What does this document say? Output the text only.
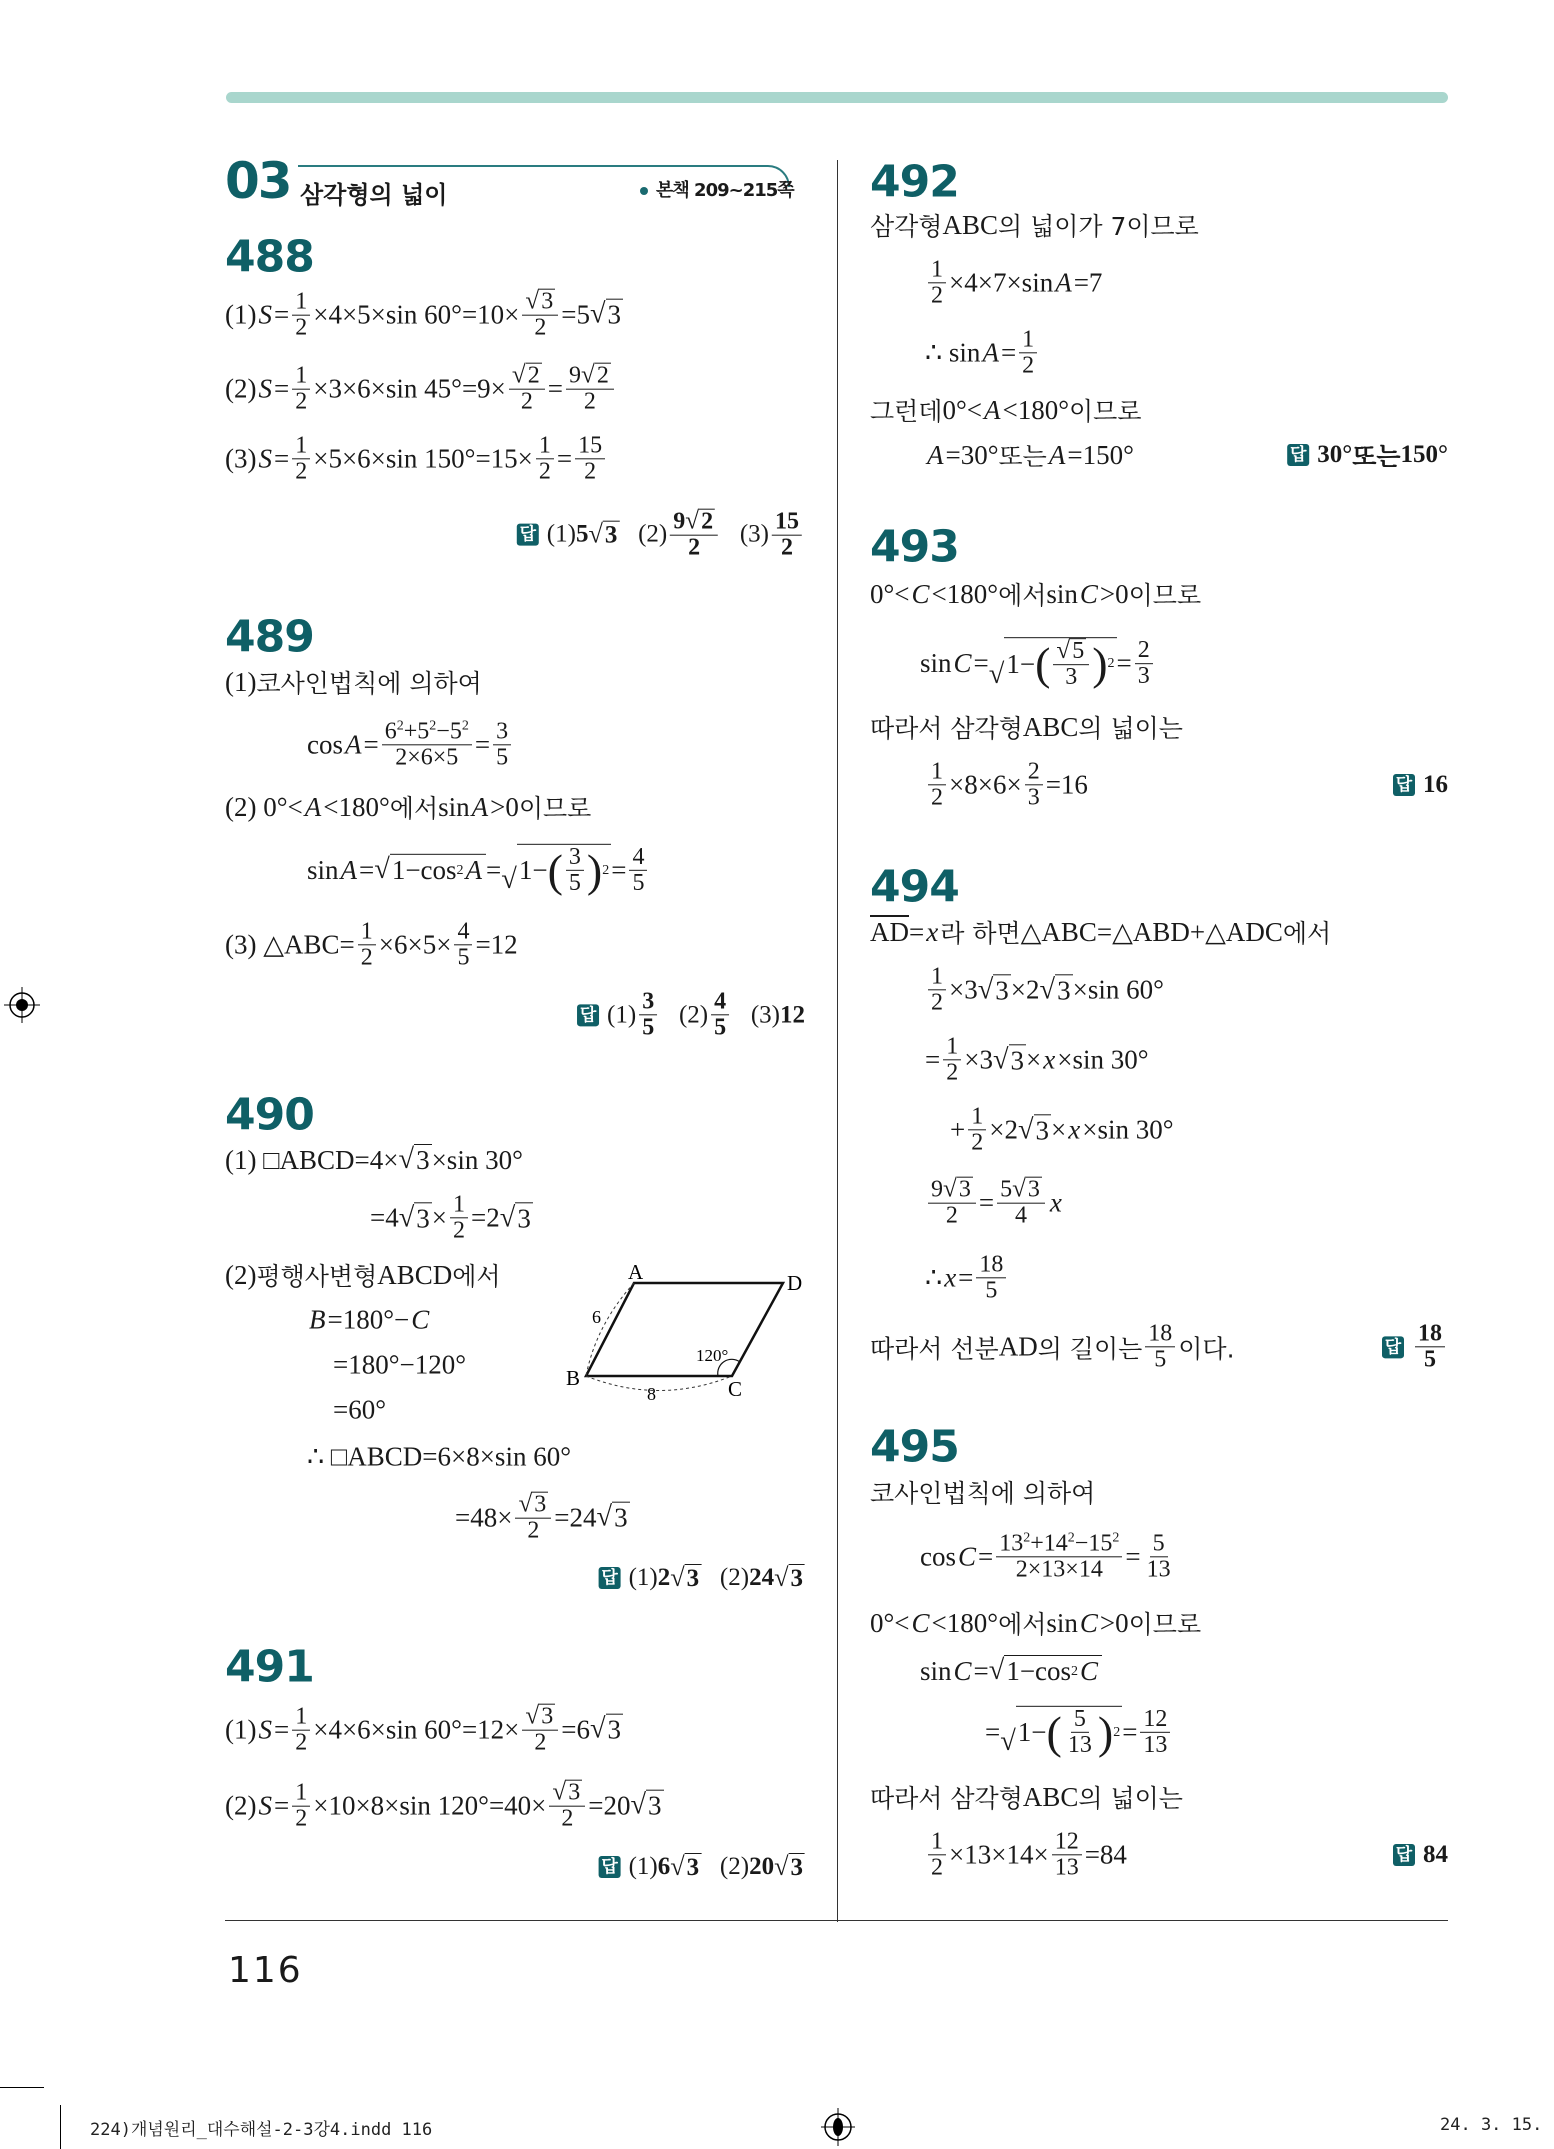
03 삼각형의 넓이	본책 209~215쪽
488
(1) $S = \frac{1}{2} \times 4\times 5\times\sin$ $60^\circ=10\times \frac{√ 3}{2} =5$ √ 3
(2) $S = \frac{1}{2} \times 3\times 6\times\sin$ $45^\circ=9\times \frac{√ 2}{2} = \frac{9 √ 2}{2}$
(3) $S = \frac{1}{2} \times 5\times 6\times\sin$ $150^\circ=15\times \frac{1}{2} = \frac{15}{2}$
답 (1) 5 √ 3 $(2) \frac{9 √ 2}{2} (3) \frac{15}{2}$
489
(1) 코사인법칙에 의하여
$\cos A = \frac{6^2+5^2-5^2}{2\times 6\times 5} = \frac{3}{5}$
(2) 0°< A <180° 에서 sin A >0 이므로
sin A = √ 1−cos 2 A = √ 1− ( $\frac{3}{5}$ ) $2 = \frac{4}{5}$
(3) △ABC= $\frac{1}{2} \times 6\times 5\times \frac{4}{5} =12$
답 $(1) \frac{3}{5} (2) \frac{4}{5} (3)$ 12
490
(1) □ABCD=4× √ 3 ×sin 30°
=4 √ $3 \times \frac{1}{2} =2$ √ 3
(2) 평행사변형 ABCD 에서
B =180°− C
=180°−120°
=60°
∴ □ABCD=6×8×sin 60°
$=48\times \frac{√ 3}{2} =24$ √ 3
답 (1) 2 √ 3 (2) 24 √ 3
A	D
B	C
6
8
120°
491
(1) $S = \frac{1}{2} \times 4\times 6\times\sin$ $60^\circ=12\times \frac{√ 3}{2} =6$ √ 3
(2) $S = \frac{1}{2} \times 10\times 8\times\sin$ $120^\circ=40\times \frac{√ 3}{2} =20$ √ 3
답 (1) 6 √ 3 (2) 20 √ 3
492
삼각형 ABC 의 넓이가 7이므로
$\frac{1}{2} \times 4\times 7\times\sin$ A =7
∴ $\sin A = \frac{1}{2}$
그런데 0°< A <180° 이므로
A =30° 또는 A =150°	답 30° 또는 150°
493
0°< C <180° 에서 sin C >0 이므로
sin C = √ 1− ( $\frac{√ 5}{3}$ ) $2 = \frac{2}{3}$
따라서 삼각형 ABC 의 넓이는
$\frac{1}{2} \times 8\times 6\times \frac{2}{3} =16$	답 16
494
$\overline{AD} = x$ 라 하면 △ABC=△ABD+△ADC 에서
$\frac{1}{2} \times 3$ √ 3 ×2 √ 3 ×sin 60°
= $\frac{1}{2} \times 3$ √ 3 × x ×sin 30°
+ $\frac{1}{2} \times 2$ √ 3 × x ×sin 30°
$\frac{9 √ 3}{2} = \frac{5 √ 3}{4}$ x
∴ $x = \frac{18}{5}$
따라서 선분 AD 의 길이는 $\frac{18}{5}$ 이다.	답 $\frac{18}{5}$
495
코사인법칙에 의하여
$\cos C = \frac{13^2+14^2-15^2}{2\times 13\times 14} = \frac{5}{13}$
0°< C <180° 에서 sin C >0 이므로
sin C = √ 1−cos 2 C
= √ 1− ( $\frac{5}{13}$ ) $2 = \frac{12}{13}$
따라서 삼각형 ABC 의 넓이는
$\frac{1}{2} \times 13\times 14\times \frac{12}{13} =84$	답 84
116
224)개념원리_대수해설-2-3강4.indd 116	24. 3. 15.
